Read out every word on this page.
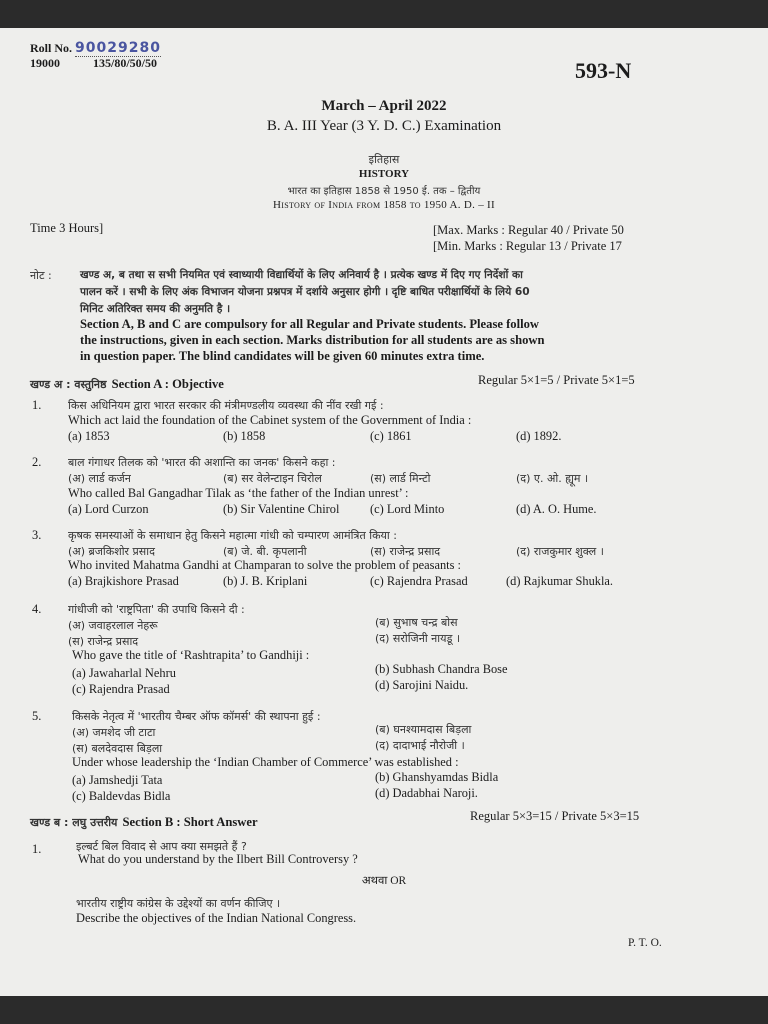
Roll No. 90029280
19000	135/80/50/50	593-N
March – April 2022
B. A. III Year (3 Y. D. C.) Examination
इतिहास
HISTORY
भारत का इतिहास 1858 से 1950 ई. तक – द्वितीय
History of India from 1858 to 1950 A. D. – II
Time 3 Hours]	[Max. Marks : Regular 40 / Private 50
[Min. Marks : Regular 13 / Private 17
नोट :	खण्ड अ, ब तथा स सभी नियमित एवं स्वाध्यायी विद्यार्थियों के लिए अनिवार्य है । प्रत्येक खण्ड में दिए गए निर्देशों का
पालन करें । सभी के लिए अंक विभाजन योजना प्रश्नपत्र में दर्शाये अनुसार होगी । दृष्टि बाधित परीक्षार्थियों के लिये 60
मिनिट अतिरिक्त समय की अनुमति है ।
Section A, B and C are compulsory for all Regular and Private students. Please follow
the instructions, given in each section. Marks distribution for all students are as shown
in question paper. The blind candidates will be given 60 minutes extra time.
खण्ड अ : वस्तुनिष्ठ Section A : Objective	Regular 5×1=5 / Private 5×1=5
1. किस अधिनियम द्वारा भारत सरकार की मंत्रीमण्डलीय व्यवस्था की नींव रखी गई :
Which act laid the foundation of the Cabinet system of the Government of India :
(a) 1853	(b) 1858	(c) 1861	(d) 1892.
2. बाल गंगाधर तिलक को 'भारत की अशान्ति का जनक' किसने कहा :
(अ) लार्ड कर्जन	(ब) सर वेलेन्टाइन चिरोल	(स) लार्ड मिन्टो	(द) ए. ओ. ह्यूम ।
Who called Bal Gangadhar Tilak as ‘the father of the Indian unrest’ :
(a) Lord Curzon	(b) Sir Valentine Chirol (c) Lord Minto	(d) A. O. Hume.
3. कृषक समस्याओं के समाधान हेतु किसने महात्मा गांधी को चम्पारण आमंत्रित किया :
(अ) ब्रजकिशोर प्रसाद	(ब) जे. बी. कृपलानी	(स) राजेन्द्र प्रसाद	(द) राजकुमार शुक्ल ।
Who invited Mahatma Gandhi at Champaran to solve the problem of peasants :
(a) Brajkishore Prasad	(b) J. B. Kriplani	(c) Rajendra Prasad	(d) Rajkumar Shukla.
4. गांधीजी को 'राष्ट्रपिता' की उपाधि किसने दी :
(अ) जवाहरलाल नेहरू	(ब) सुभाष चन्द्र बोस
(स) राजेन्द्र प्रसाद	(द) सरोजिनी नायडू ।
Who gave the title of ‘Rashtrapita’ to Gandhiji :
(a) Jawaharlal Nehru	(b) Subhash Chandra Bose
(c) Rajendra Prasad	(d) Sarojini Naidu.
5.	किसके नेतृत्व में 'भारतीय चैम्बर ऑफ कॉमर्स' की स्थापना हुई :
(अ) जमशेद जी टाटा	(ब) घनश्यामदास बिड़ला
(स) बलदेवदास बिड़ला	(द) दादाभाई नौरोजी ।
Under whose leadership the ‘Indian Chamber of Commerce’ was established :
(a) Jamshedji Tata	(b) Ghanshyamdas Bidla
(c) Baldevdas Bidla	(d) Dadabhai Naroji.
खण्ड ब : लघु उत्तरीय Section B : Short Answer	Regular 5×3=15 / Private 5×3=15
1.	इल्बर्ट बिल विवाद से आप क्या समझते हैं ?
What do you understand by the Ilbert Bill Controversy ?
अथवा OR
भारतीय राष्ट्रीय कांग्रेस के उद्देश्यों का वर्णन कीजिए ।
Describe the objectives of the Indian National Congress.
P. T. O.
